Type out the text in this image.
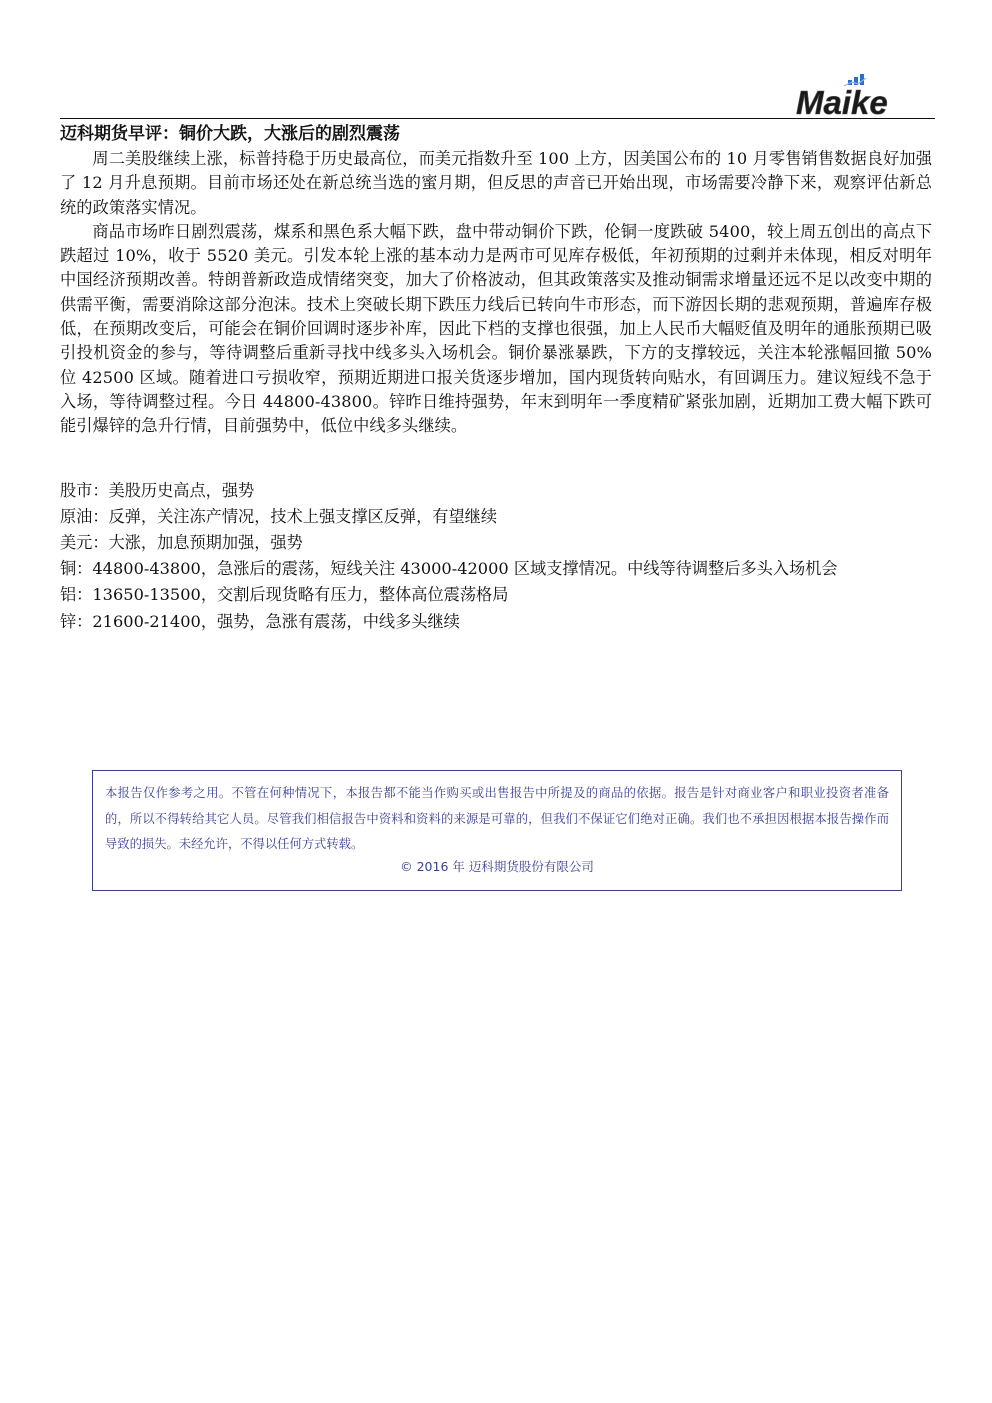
Maike
迈科期货早评：铜价大跌，大涨后的剧烈震荡

周二美股继续上涨，标普持稳于历史最高位，而美元指数升至 100 上方，因美国公布的 10 月零售销售数据良好加强了 12 月升息预期。目前市场还处在新总统当选的蜜月期，但反思的声音已开始出现，市场需要冷静下来，观察评估新总统的政策落实情况。

商品市场昨日剧烈震荡，煤系和黑色系大幅下跌，盘中带动铜价下跌，伦铜一度跌破 5400，较上周五创出的高点下跌超过 10%，收于 5520 美元。引发本轮上涨的基本动力是两市可见库存极低，年初预期的过剩并未体现，相反对明年中国经济预期改善。特朗普新政造成情绪突变，加大了价格波动，但其政策落实及推动铜需求增量还远不足以改变中期的供需平衡，需要消除这部分泡沫。技术上突破长期下跌压力线后已转向牛市形态，而下游因长期的悲观预期，普遍库存极低，在预期改变后，可能会在铜价回调时逐步补库，因此下档的支撑也很强，加上人民币大幅贬值及明年的通胀预期已吸引投机资金的参与，等待调整后重新寻找中线多头入场机会。铜价暴涨暴跌，下方的支撑较远，关注本轮涨幅回撤 50%位 42500 区域。随着进口亏损收窄，预期近期进口报关货逐步增加，国内现货转向贴水，有回调压力。建议短线不急于入场，等待调整过程。今日 44800-43800。锌昨日维持强势，年末到明年一季度精矿紧张加剧，近期加工费大幅下跌可能引爆锌的急升行情，目前强势中，低位中线多头继续。

股市：美股历史高点，强势

原油：反弹，关注冻产情况，技术上强支撑区反弹，有望继续

美元：大涨，加息预期加强，强势

铜：44800-43800，急涨后的震荡，短线关注 43000-42000 区域支撑情况。中线等待调整后多头入场机会

铝：13650-13500，交割后现货略有压力，整体高位震荡格局

锌：21600-21400，强势，急涨有震荡，中线多头继续

本报告仅作参考之用。不管在何种情况下，本报告都不能当作购买或出售报告中所提及的商品的依据。报告是针对商业客户和职业投资者准备的，所以不得转给其它人员。尽管我们相信报告中资料和资料的来源是可靠的，但我们不保证它们绝对正确。我们也不承担因根据本报告操作而导致的损失。未经允许，不得以任何方式转载。

© 2016 年 迈科期货股份有限公司
